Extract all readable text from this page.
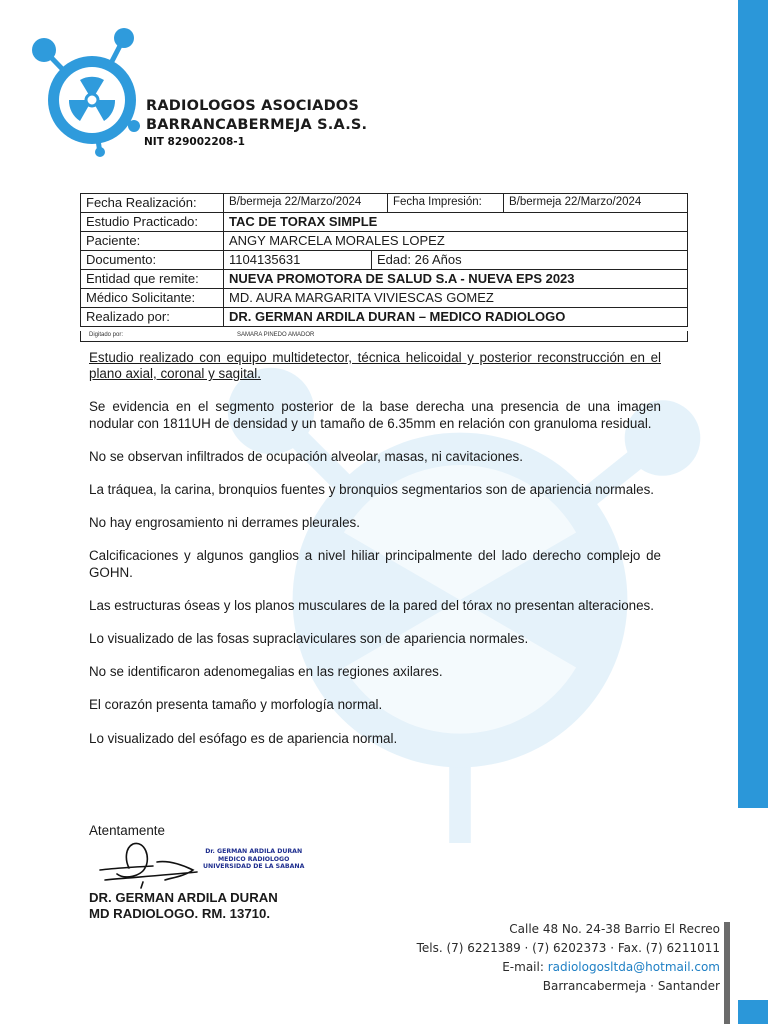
RADIOLOGOS ASOCIADOS
BARRANCABERMEJA S.A.S.
NIT 829002208-1
Fecha Realización:	B/bermeja 22/Marzo/2024	Fecha Impresión:	B/bermeja 22/Marzo/2024
Estudio Practicado:	TAC DE TORAX SIMPLE
Paciente:	ANGY MARCELA MORALES LOPEZ
Documento:	1104135631	Edad: 26 Años
Entidad que remite:	NUEVA PROMOTORA DE SALUD S.A - NUEVA EPS 2023
Médico Solicitante:	MD. AURA MARGARITA VIVIESCAS GOMEZ
Realizado por:	DR. GERMAN ARDILA DURAN – MEDICO RADIOLOGO
Digitado por:	SAMARA PINEDO AMADOR

Estudio realizado con equipo multidetector, técnica helicoidal y posterior reconstrucción en el plano axial, coronal y sagital.

Se evidencia en el segmento posterior de la base derecha una presencia de una imagen nodular con 1811UH de densidad y un tamaño de 6.35mm en relación con granuloma residual.

No se observan infiltrados de ocupación alveolar, masas, ni cavitaciones.

La tráquea, la carina, bronquios fuentes y bronquios segmentarios son de apariencia normales.

No hay engrosamiento ni derrames pleurales.

Calcificaciones y algunos ganglios a nivel hiliar principalmente del lado derecho complejo de GOHN.

Las estructuras óseas y los planos musculares de la pared del tórax no presentan alteraciones.

Lo visualizado de las fosas supraclaviculares son de apariencia normales.

No se identificaron adenomegalias en las regiones axilares.

El corazón presenta tamaño y morfología normal.

Lo visualizado del esófago es de apariencia normal.

Atentamente
Dr. GERMAN ARDILA DURAN
MEDICO RADIOLOGO
UNIVERSIDAD DE LA SABANA
DR. GERMAN ARDILA DURAN
MD RADIOLOGO. RM. 13710.
Calle 48 No. 24-38 Barrio El Recreo
Tels. (7) 6221389 · (7) 6202373 · Fax. (7) 6211011
E-mail: radiologosltda@hotmail.com
Barrancabermeja · Santander
